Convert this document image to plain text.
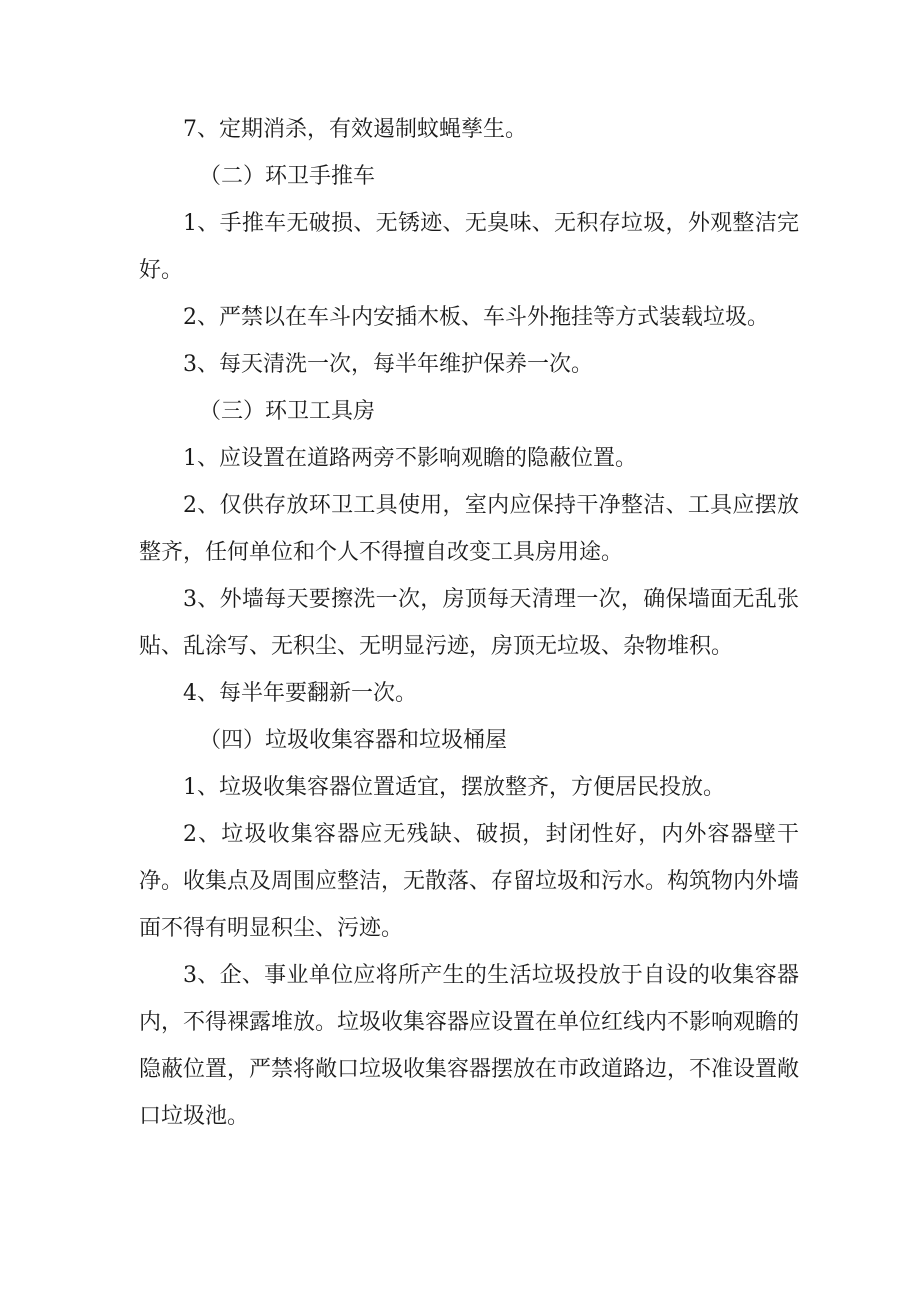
7、定期消杀，有效遏制蚊蝇孳生。

（二）环卫手推车

1、手推车无破损、无锈迹、无臭味、无积存垃圾，外观整洁完好。

2、严禁以在车斗内安插木板、车斗外拖挂等方式装载垃圾。

3、每天清洗一次，每半年维护保养一次。

（三）环卫工具房

1、应设置在道路两旁不影响观瞻的隐蔽位置。

2、仅供存放环卫工具使用，室内应保持干净整洁、工具应摆放整齐，任何单位和个人不得擅自改变工具房用途。

3、外墙每天要擦洗一次，房顶每天清理一次，确保墙面无乱张贴、乱涂写、无积尘、无明显污迹，房顶无垃圾、杂物堆积。

4、每半年要翻新一次。

（四）垃圾收集容器和垃圾桶屋

1、垃圾收集容器位置适宜，摆放整齐，方便居民投放。

2、垃圾收集容器应无残缺、破损，封闭性好，内外容器壁干净。收集点及周围应整洁，无散落、存留垃圾和污水。构筑物内外墙面不得有明显积尘、污迹。

3、企、事业单位应将所产生的生活垃圾投放于自设的收集容器内，不得裸露堆放。垃圾收集容器应设置在单位红线内不影响观瞻的隐蔽位置，严禁将敞口垃圾收集容器摆放在市政道路边，不准设置敞口垃圾池。
